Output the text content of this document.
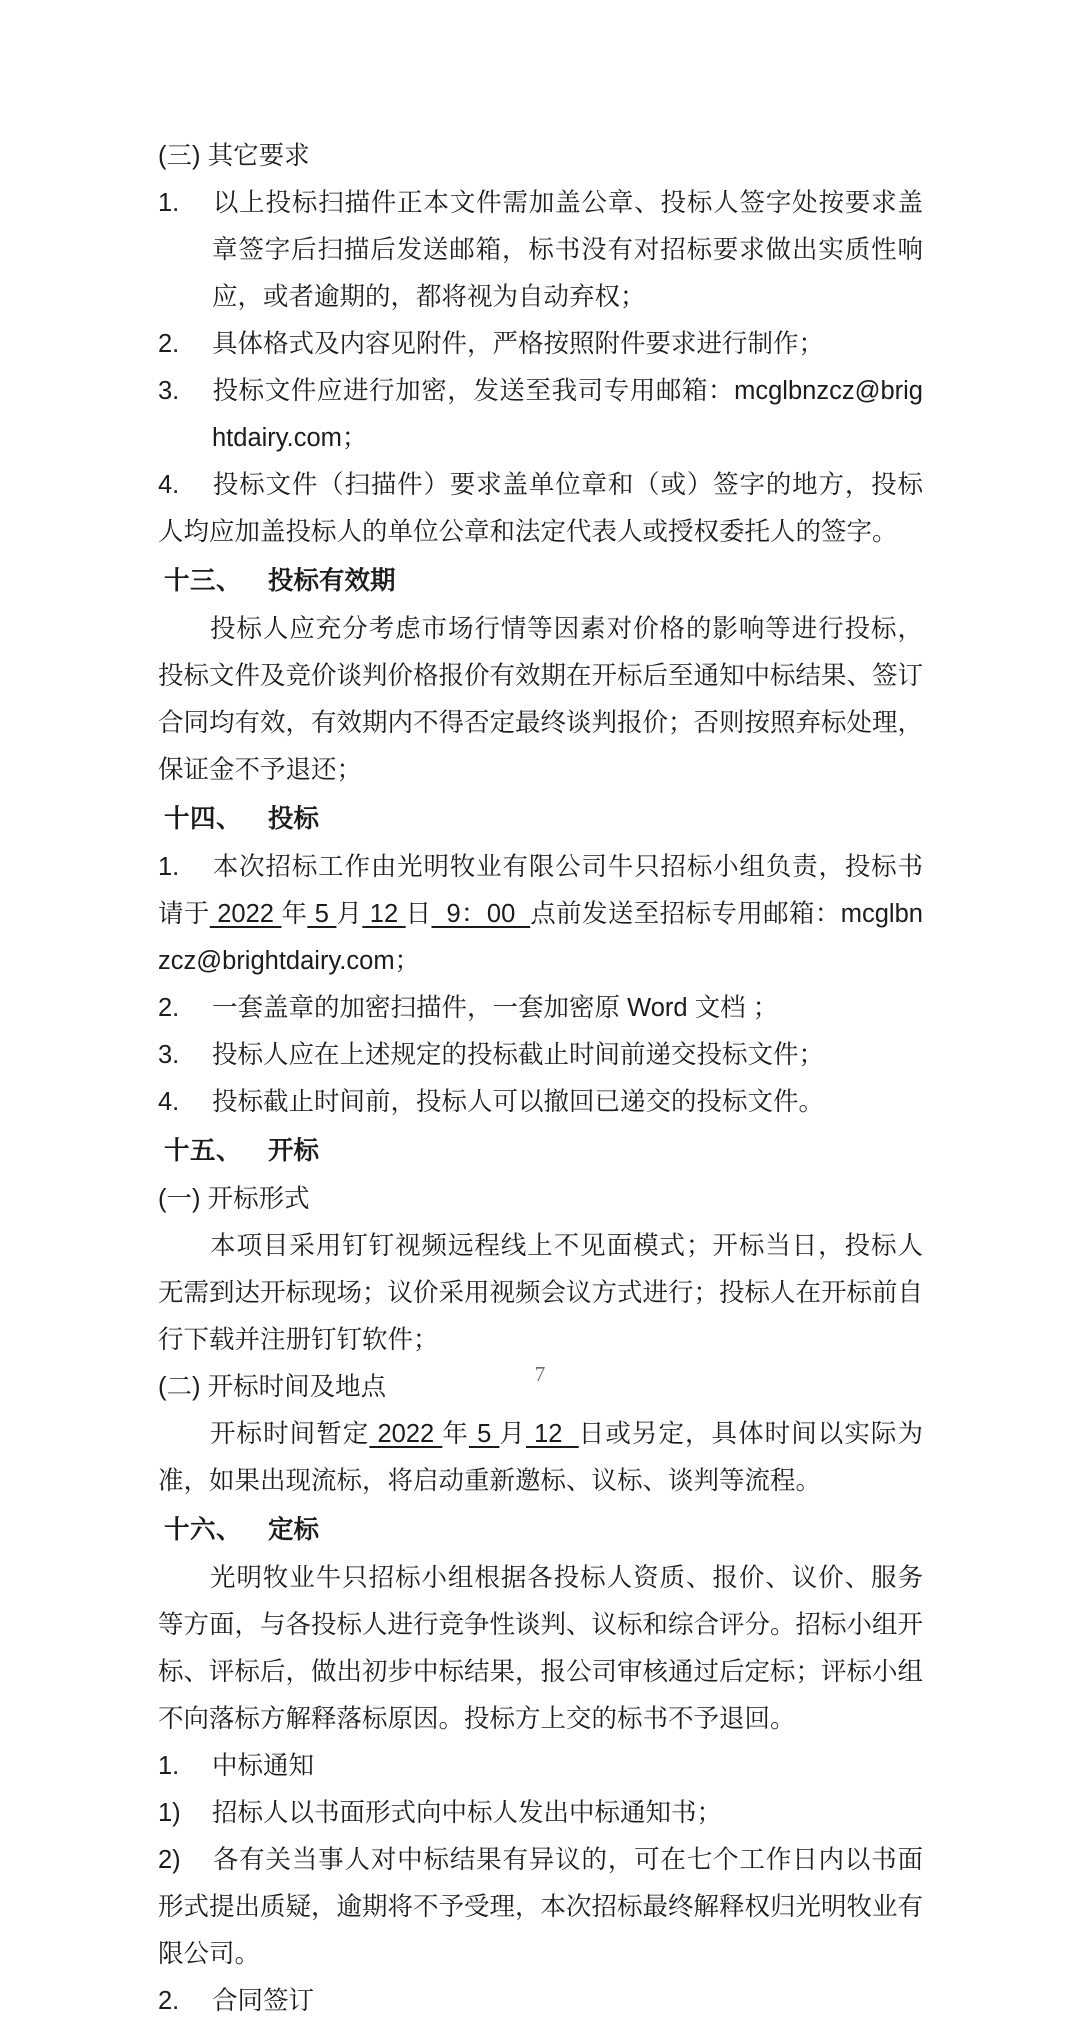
(三) 其它要求
1. 以上投标扫描件正本文件需加盖公章、投标人签字处按要求盖章签字后扫描后发送邮箱，标书没有对招标要求做出实质性响应，或者逾期的，都将视为自动弃权；
2. 具体格式及内容见附件，严格按照附件要求进行制作；
3. 投标文件应进行加密，发送至我司专用邮箱：mcglbnzcz@brightdairy.com；
4. 投标文件（扫描件）要求盖单位章和（或）签字的地方，投标人均应加盖投标人的单位公章和法定代表人或授权委托人的签字。
十三、 投标有效期
投标人应充分考虑市场行情等因素对价格的影响等进行投标，投标文件及竞价谈判价格报价有效期在开标后至通知中标结果、签订合同均有效，有效期内不得否定最终谈判报价；否则按照弃标处理，保证金不予退还；
十四、 投标
1. 本次招标工作由光明牧业有限公司牛只招标小组负责，投标书请于 2022 年 5 月 12 日  9：00  点前发送至招标专用邮箱：mcglbnzcz@brightdairy.com；
2. 一套盖章的加密扫描件，一套加密原 Word 文档 ；
3. 投标人应在上述规定的投标截止时间前递交投标文件；
4. 投标截止时间前，投标人可以撤回已递交的投标文件。
十五、 开标
(一) 开标形式
本项目采用钉钉视频远程线上不见面模式；开标当日，投标人无需到达开标现场；议价采用视频会议方式进行；投标人在开标前自行下载并注册钉钉软件；
(二) 开标时间及地点
开标时间暂定 2022 年 5 月 12  日或另定，具体时间以实际为准，如果出现流标，将启动重新邀标、议标、谈判等流程。
十六、 定标
光明牧业牛只招标小组根据各投标人资质、报价、议价、服务等方面，与各投标人进行竞争性谈判、议标和综合评分。招标小组开标、评标后，做出初步中标结果，报公司审核通过后定标；评标小组不向落标方解释落标原因。投标方上交的标书不予退回。
1. 中标通知
1) 招标人以书面形式向中标人发出中标通知书；
2) 各有关当事人对中标结果有异议的，可在七个工作日内以书面形式提出质疑，逾期将不予受理，本次招标最终解释权归光明牧业有限公司。
2. 合同签订
7
